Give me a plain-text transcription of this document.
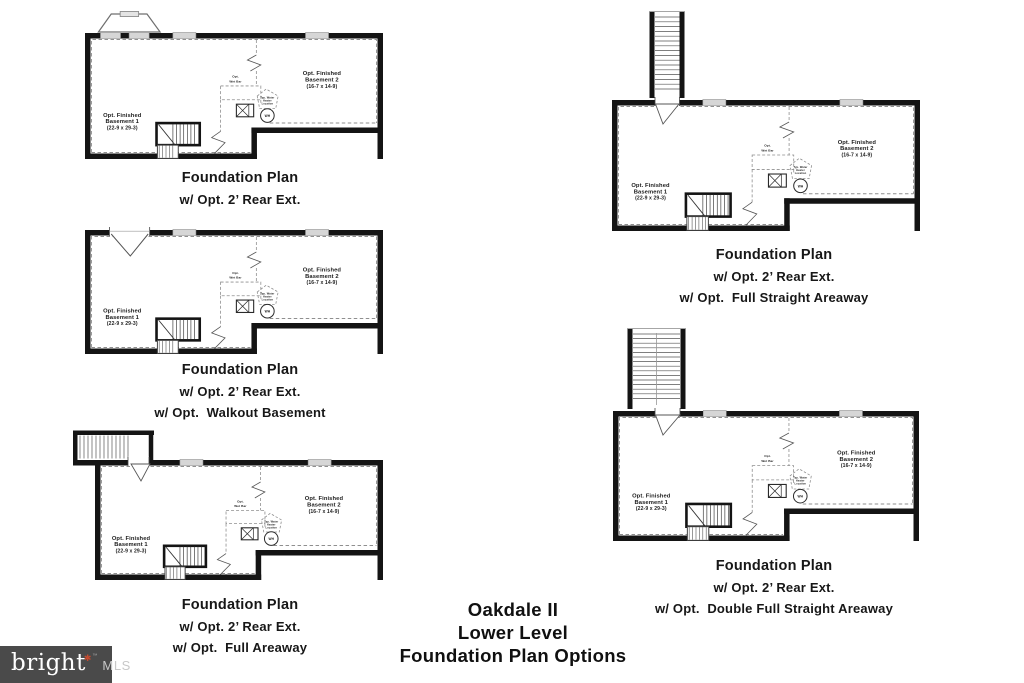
Opt.
Wet Bar
Typ. Water
Heater
Location
WH
Opt. Finished
Basement 1
(22-9 x 29-3)
Opt. Finished
Basement 2
(16-7 x 14-9)
Foundation Plan
w/ Opt. 2’ Rear Ext.
Opt.
Wet Bar
Typ. Water
Heater
Location
WH
Opt. Finished
Basement 1
(22-9 x 29-3)
Opt. Finished
Basement 2
(16-7 x 14-9)
Foundation Plan
w/ Opt. 2’ Rear Ext.
w/ Opt.  Walkout Basement
Opt.
Wet Bar
Typ. Water
Heater
Location
WH
Opt. Finished
Basement 1
(22-9 x 29-3)
Opt. Finished
Basement 2
(16-7 x 14-9)
Foundation Plan
w/ Opt. 2’ Rear Ext.
w/ Opt.  Full Areaway
Opt.
Wet Bar
Typ. Water
Heater
Location
WH
Opt. Finished
Basement 1
(22-9 x 29-3)
Opt. Finished
Basement 2
(16-7 x 14-9)
Foundation Plan
w/ Opt. 2’ Rear Ext.
w/ Opt.  Full Straight Areaway
Opt.
Wet Bar
Typ. Water
Heater
Location
WH
Opt. Finished
Basement 1
(22-9 x 29-3)
Opt. Finished
Basement 2
(16-7 x 14-9)
Foundation Plan
w/ Opt. 2’ Rear Ext.
w/ Opt.  Double Full Straight Areaway
Oakdale II
Lower Level
Foundation Plan Options
bright✱™MLS
